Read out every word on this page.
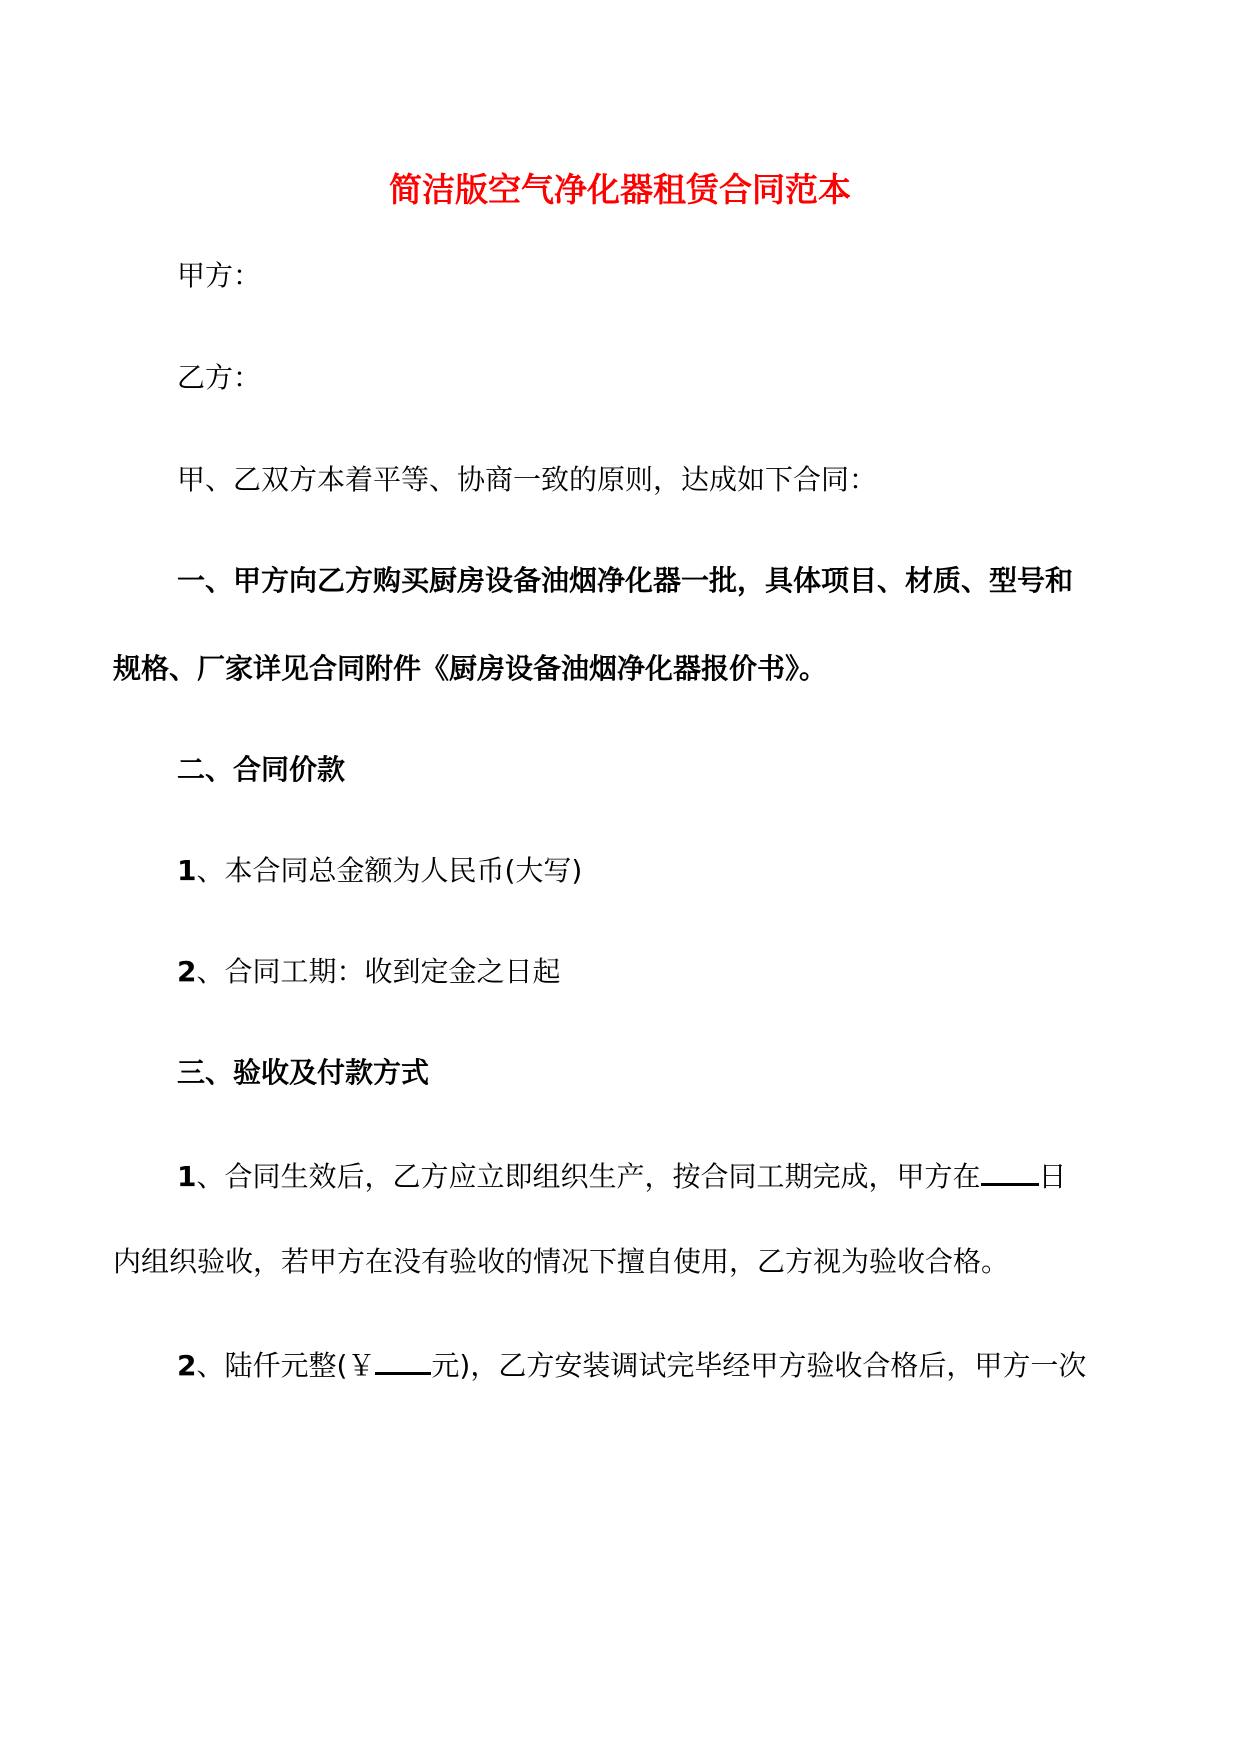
简洁版空气净化器租赁合同范本
甲方：
乙方：
甲、乙双方本着平等、协商一致的原则，达成如下合同：
一、甲方向乙方购买厨房设备油烟净化器一批，具体项目、材质、型号和
规格、厂家详见合同附件《厨房设备油烟净化器报价书》。
二、合同价款
1、本合同总金额为人民币(大写)
2、合同工期：收到定金之日起
三、验收及付款方式
1、合同生效后，乙方应立即组织生产，按合同工期完成，甲方在 日
内组织验收，若甲方在没有验收的情况下擅自使用，乙方视为验收合格。
2、陆仟元整(￥ 元)，乙方安装调试完毕经甲方验收合格后，甲方一次
